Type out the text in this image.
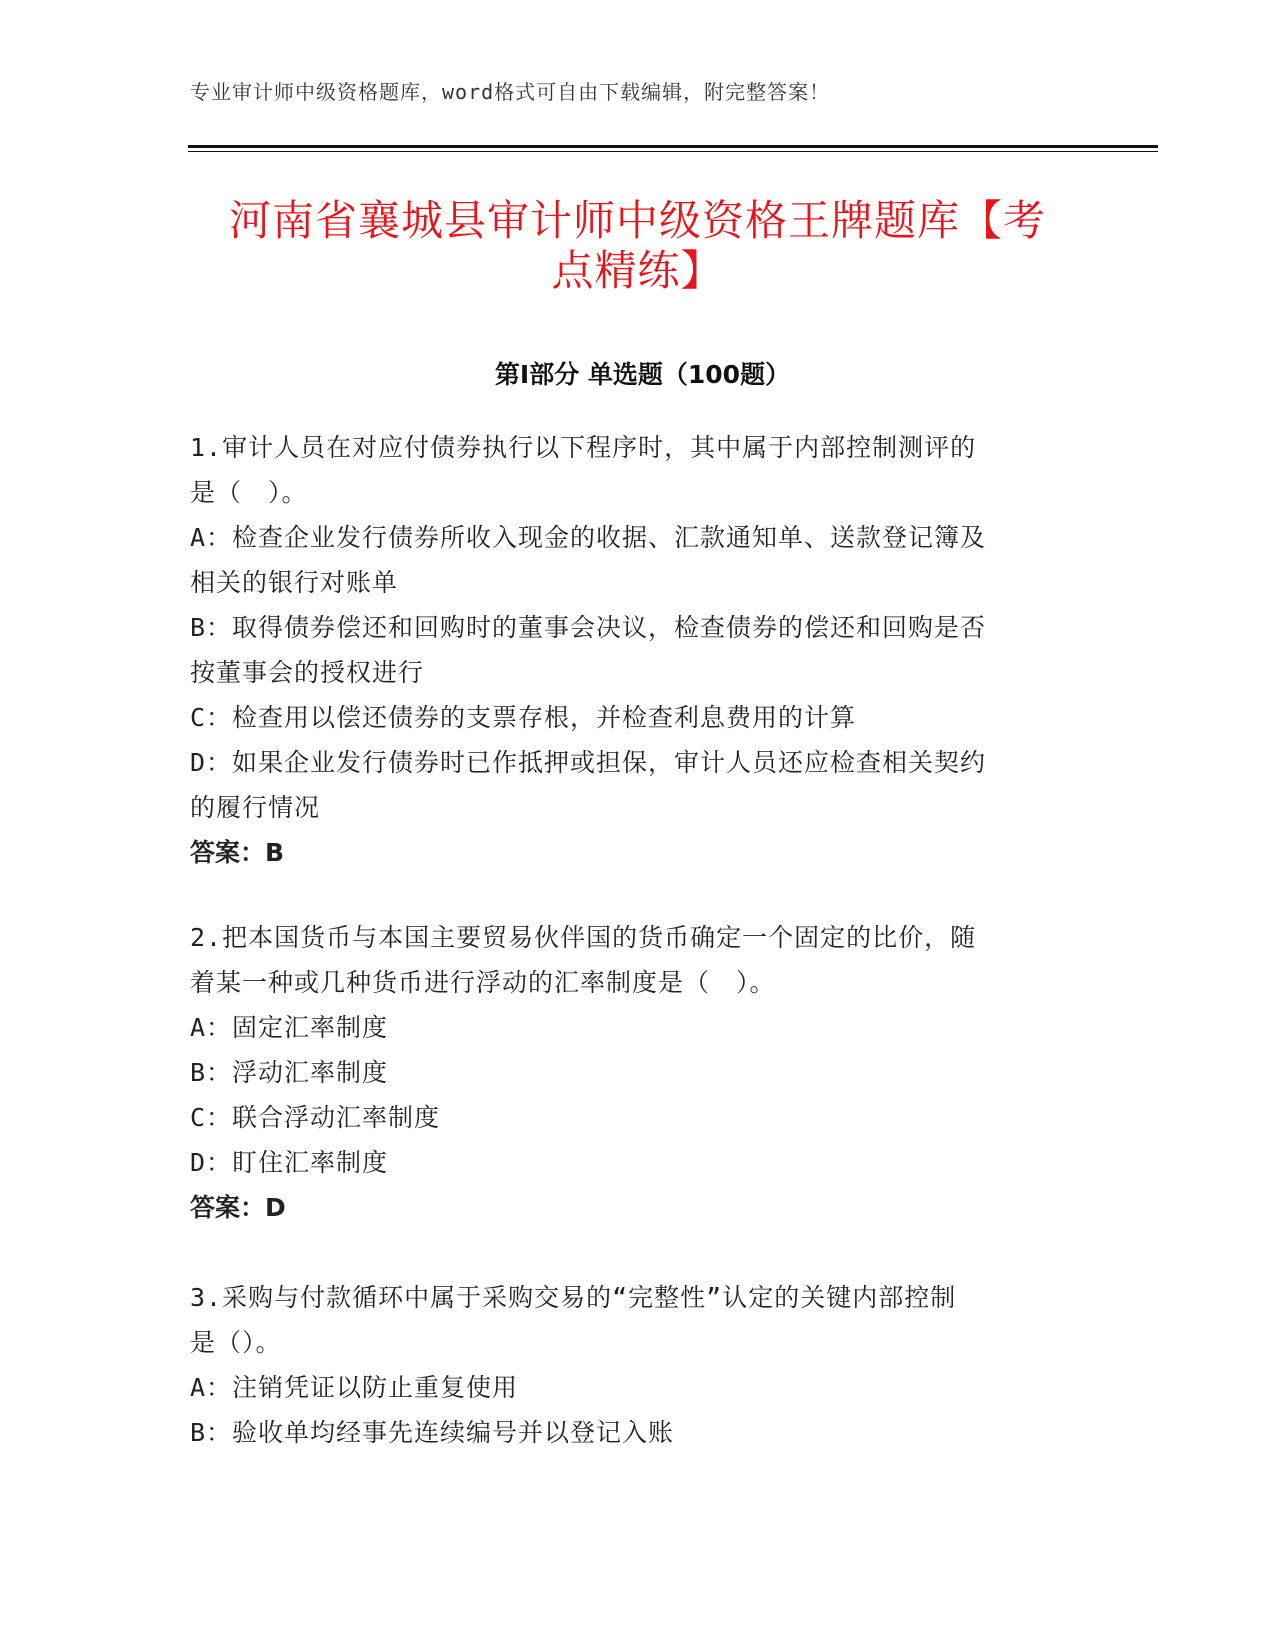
专业审计师中级资格题库，word格式可自由下载编辑，附完整答案！
河南省襄城县审计师中级资格王牌题库【考
点精练】
第Ⅰ部分 单选题（100题）
1.审计人员在对应付债券执行以下程序时，其中属于内部控制测评的
是（　）。
A：检查企业发行债券所收入现金的收据、汇款通知单、送款登记簿及
相关的银行对账单
B：取得债券偿还和回购时的董事会决议，检查债券的偿还和回购是否
按董事会的授权进行
C：检查用以偿还债券的支票存根，并检查利息费用的计算
D：如果企业发行债券时已作抵押或担保，审计人员还应检查相关契约
的履行情况
答案：B
2.把本国货币与本国主要贸易伙伴国的货币确定一个固定的比价，随
着某一种或几种货币进行浮动的汇率制度是（　）。
A：固定汇率制度
B：浮动汇率制度
C：联合浮动汇率制度
D：盯住汇率制度
答案：D
3.采购与付款循环中属于采购交易的“完整性”认定的关键内部控制
是（）。
A：注销凭证以防止重复使用
B：验收单均经事先连续编号并以登记入账
